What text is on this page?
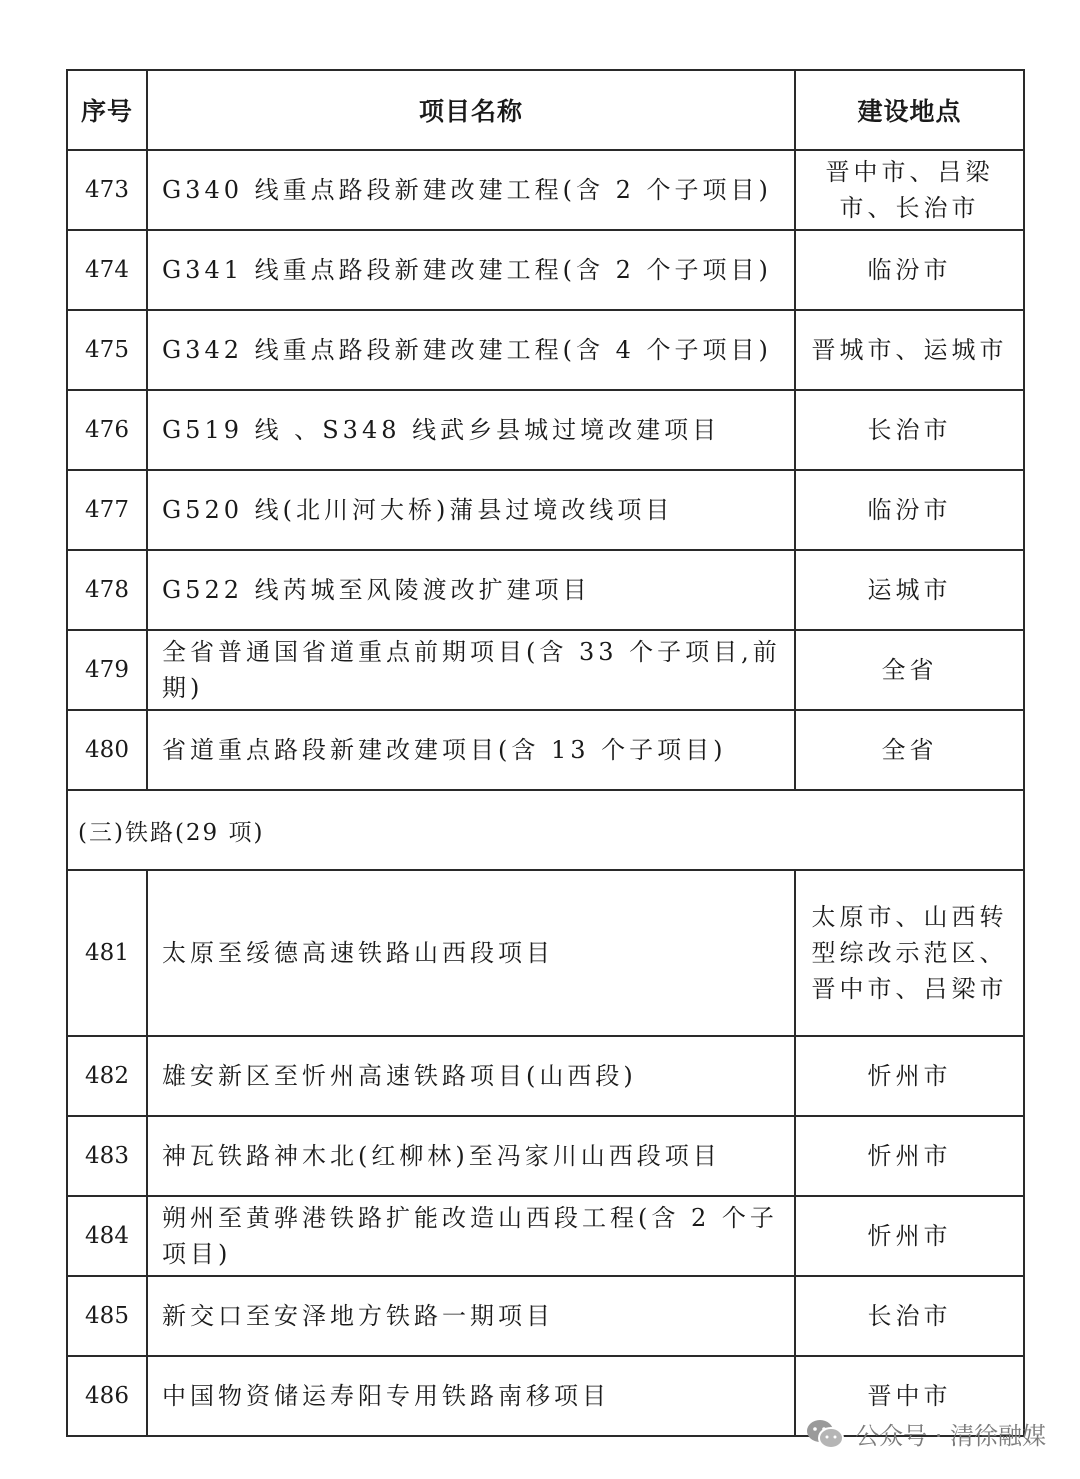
序号	项目名称	建设地点
473	G340 线重点路段新建改建工程(含 2 个子项目)	晋中市、吕梁市、长治市
474	G341 线重点路段新建改建工程(含 2 个子项目)	临汾市
475	G342 线重点路段新建改建工程(含 4 个子项目)	晋城市、运城市
476	G519 线 、S348 线武乡县城过境改建项目	长治市
477	G520 线(北川河大桥)蒲县过境改线项目	临汾市
478	G522 线芮城至风陵渡改扩建项目	运城市
479	全省普通国省道重点前期项目(含 33 个子项目,前期)	全省
480	省道重点路段新建改建项目(含 13 个子项目)	全省
(三)铁路(29 项)		
481	太原至绥德高速铁路山西段项目	太原市、山西转型综改示范区、晋中市、吕梁市
482	雄安新区至忻州高速铁路项目(山西段)	忻州市
483	神瓦铁路神木北(红柳林)至冯家川山西段项目	忻州市
484	朔州至黄骅港铁路扩能改造山西段工程(含 2 个子项目)	忻州市
485	新交口至安泽地方铁路一期项目	长治市
486	中国物资储运寿阳专用铁路南移项目	晋中市
公众号 · 清徐融媒
